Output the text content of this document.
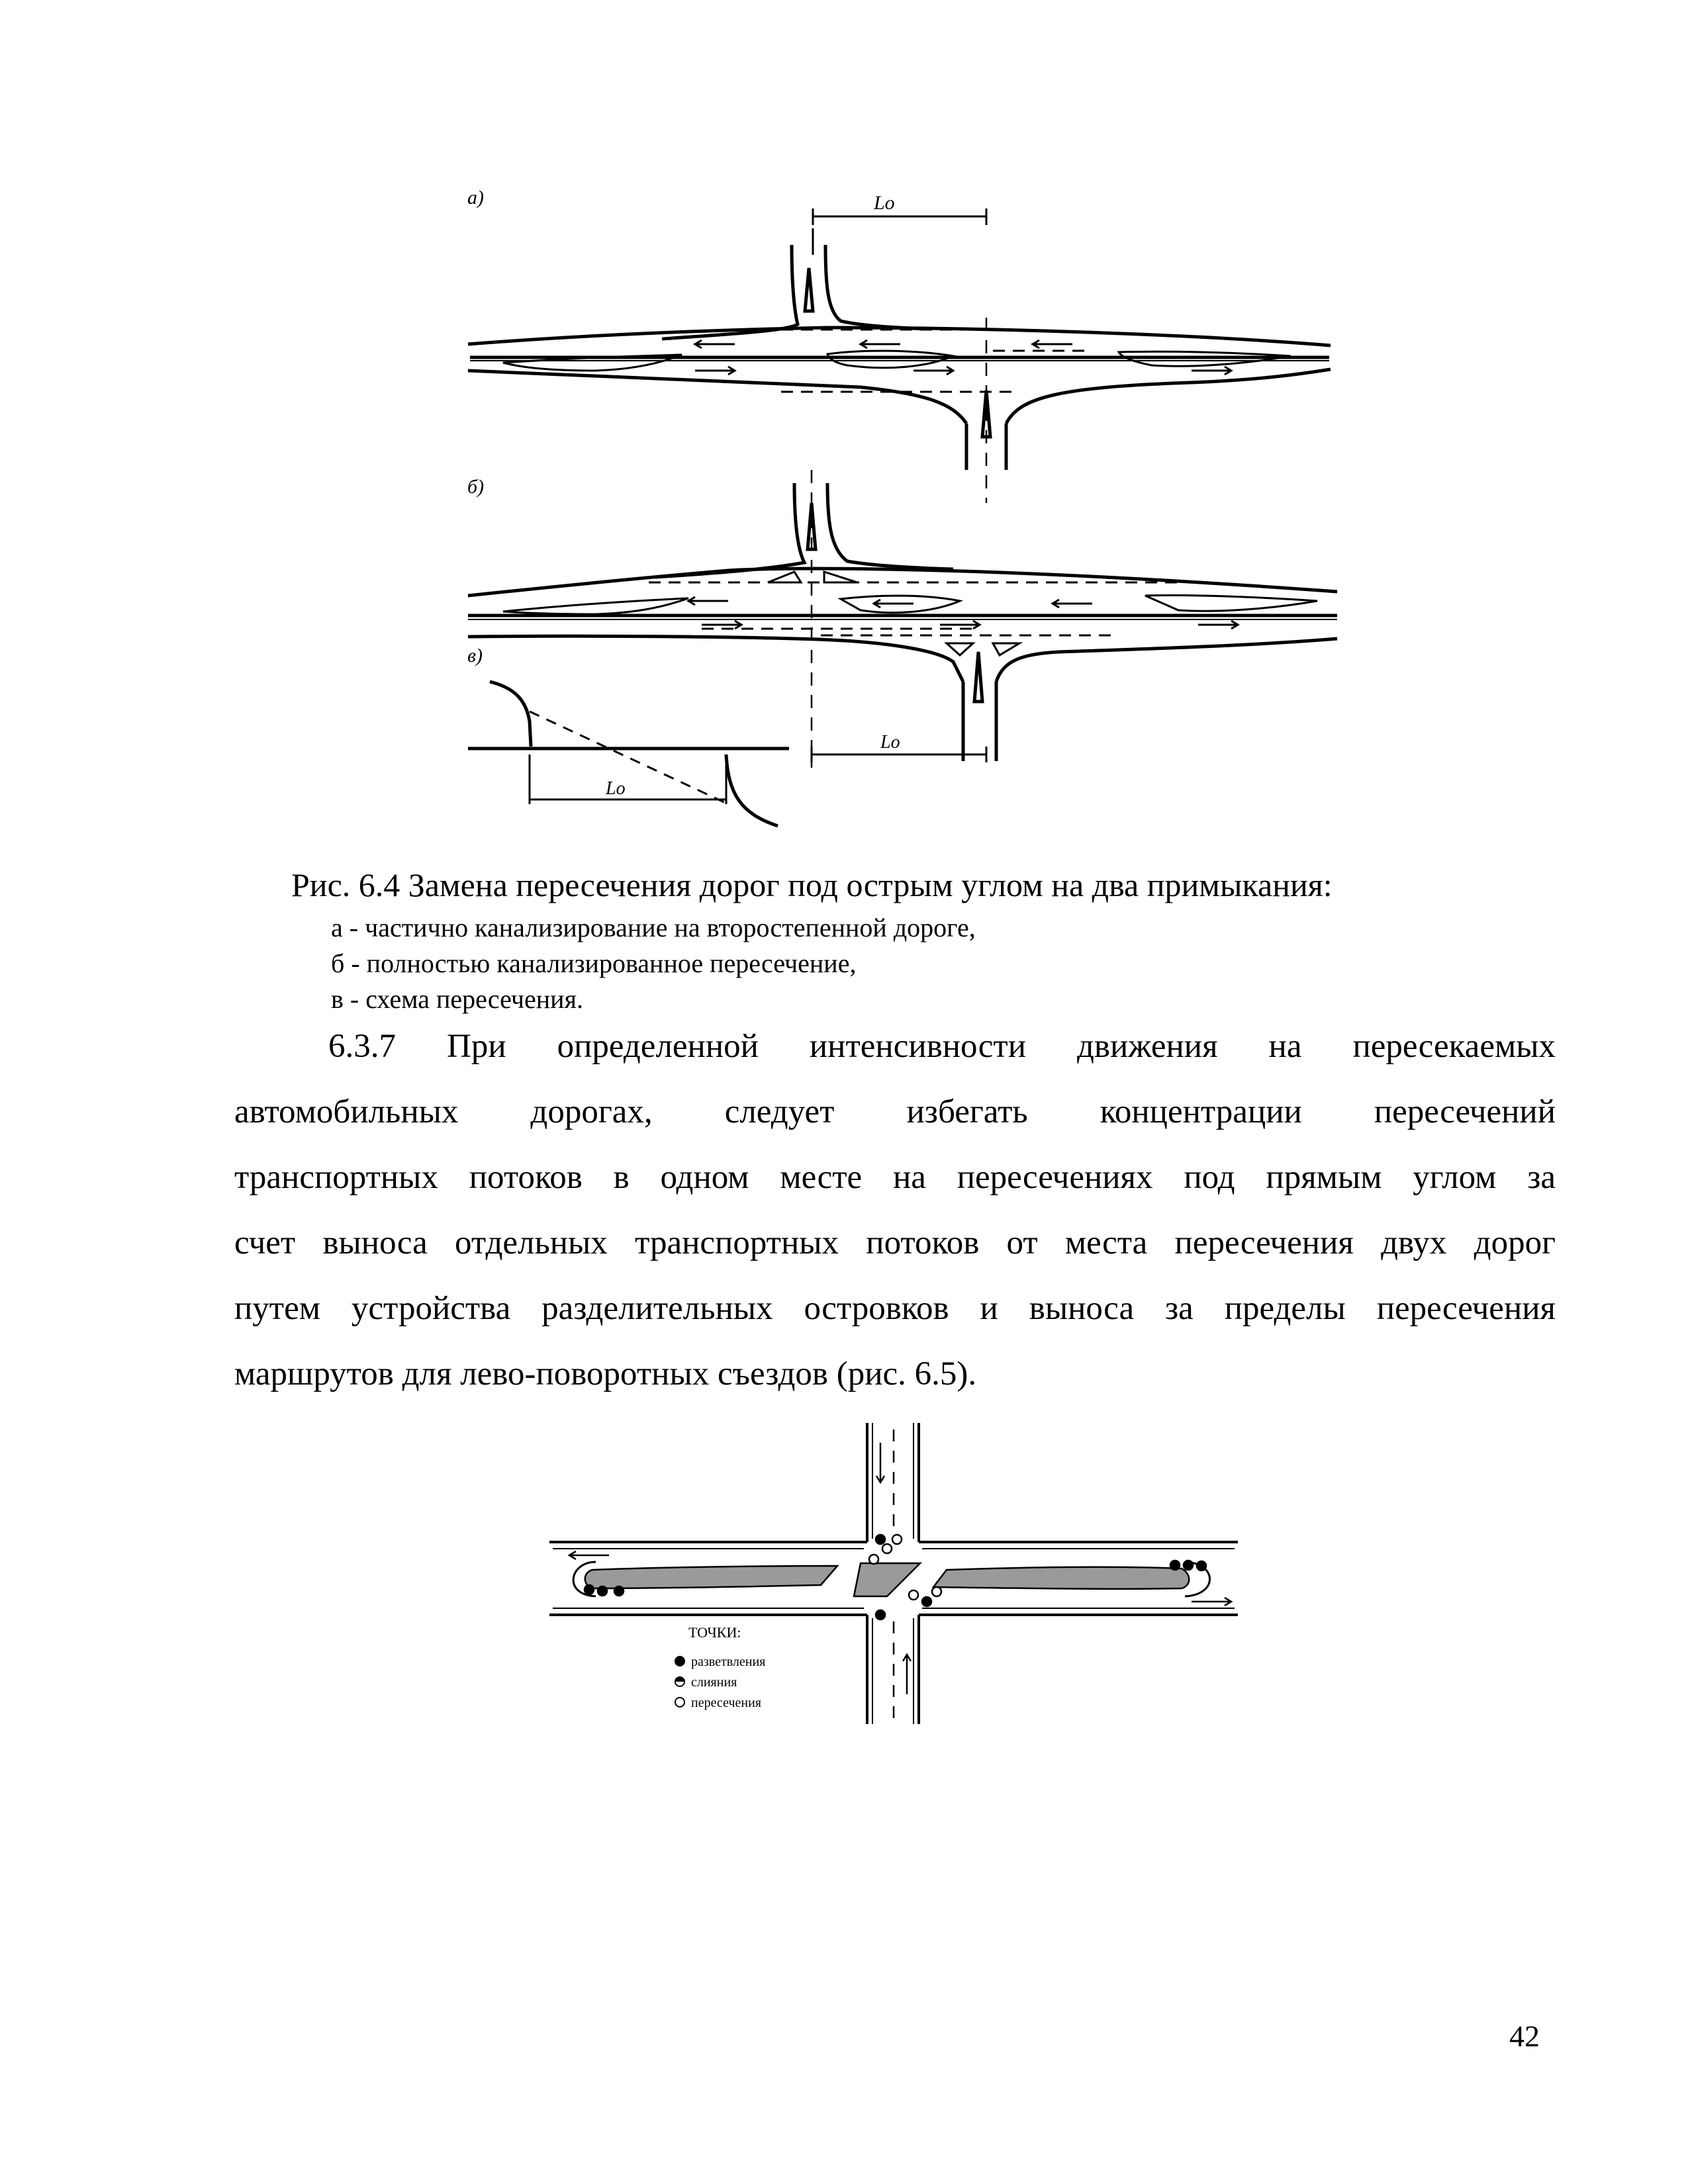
а)
б)
в)
Lo
Lo
Lo
Рис. 6.4 Замена пересечения дорог под острым углом на два примыкания:
а - частично канализирование на второстепенной дороге,
б - полностью канализированное пересечение,
в - схема пересечения.
6.3.7 При определенной интенсивности движения на пересекаемых
автомобильных дорогах, следует избегать концентрации пересечений
транспортных потоков в одном месте на пересечениях под прямым углом за
счет выноса отдельных транспортных потоков от места пересечения двух дорог
путем устройства разделительных островков и выноса за пределы пересечения
маршрутов для лево-поворотных съездов (рис. 6.5).
ТОЧКИ:
разветвления
слияния
пересечения
42
